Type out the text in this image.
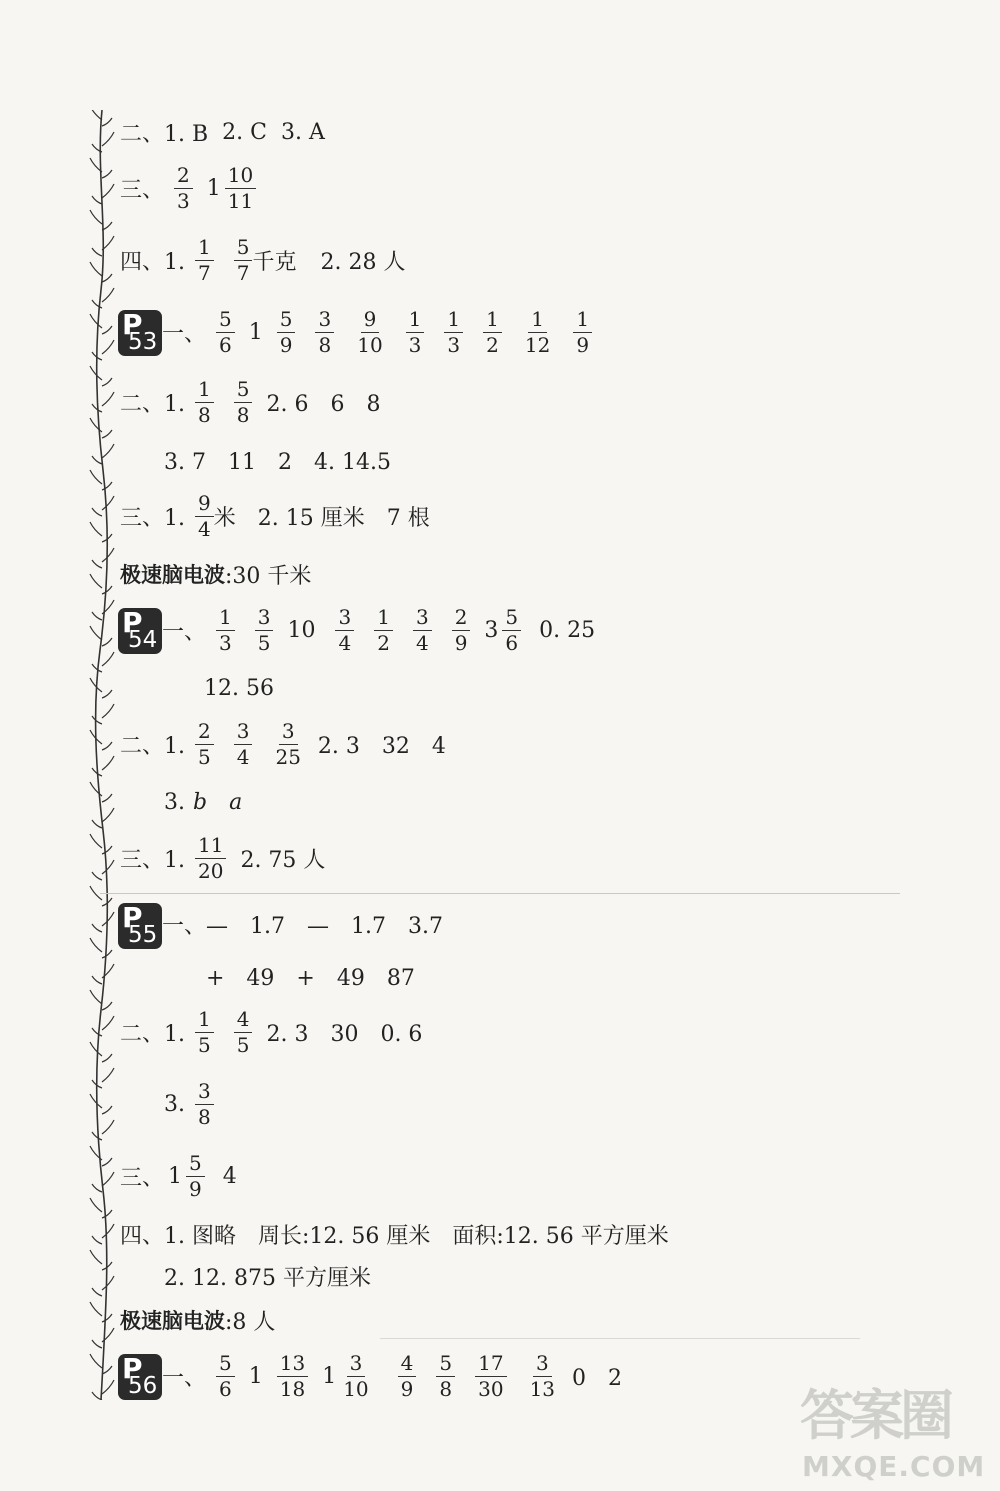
二、1. B 2. C 3. A
三、 $\frac{2}{3} 1 \frac{10}{11}$
四、1. $\frac{1}{7} \frac{5}{7}$ 千克 2. 28 人
P
53 一、 $\frac{5}{6} 1 \frac{5}{9} \frac{3}{8} \frac{9}{10} \frac{1}{3} \frac{1}{3} \frac{1}{2} \frac{1}{12} \frac{1}{9}$
二、1. $\frac{1}{8} \frac{5}{8} 2$. 6　6　8
3. 7　11　2　4. 14.5
三、1. $\frac{9}{4}$ 米　2. 15 厘米　7 根
极速脑电波 :30 千米
P
54 一、 $\frac{1}{3} \frac{3}{5} 10 \frac{3}{4} \frac{1}{2} \frac{3}{4} \frac{2}{9} 3 \frac{5}{6} 0$. 25
12. 56
二、1. $\frac{2}{5} \frac{3}{4} \frac{3}{25} 2$. 3　32　4
3. b a
三、1. $\frac{11}{20} 2$. 75 人
P
55 一、—　1.7　—　1.7　3.7
+　49　+　49　87
二、1. $\frac{1}{5} \frac{4}{5} 2$. 3　30　0. 6
3. $\frac{3}{8}$
三、 $1 \frac{5}{9} 4$
四、1. 图略　周长:12. 56 厘米　面积:12. 56 平方厘米
2. 12. 875 平方厘米
极速脑电波 :8 人
P
56 一、 $\frac{5}{6} 1 \frac{13}{18} 1 \frac{3}{10} \frac{4}{9} \frac{5}{8} \frac{17}{30} \frac{3}{13} 0$　2
答案圈
MXQE.COM
